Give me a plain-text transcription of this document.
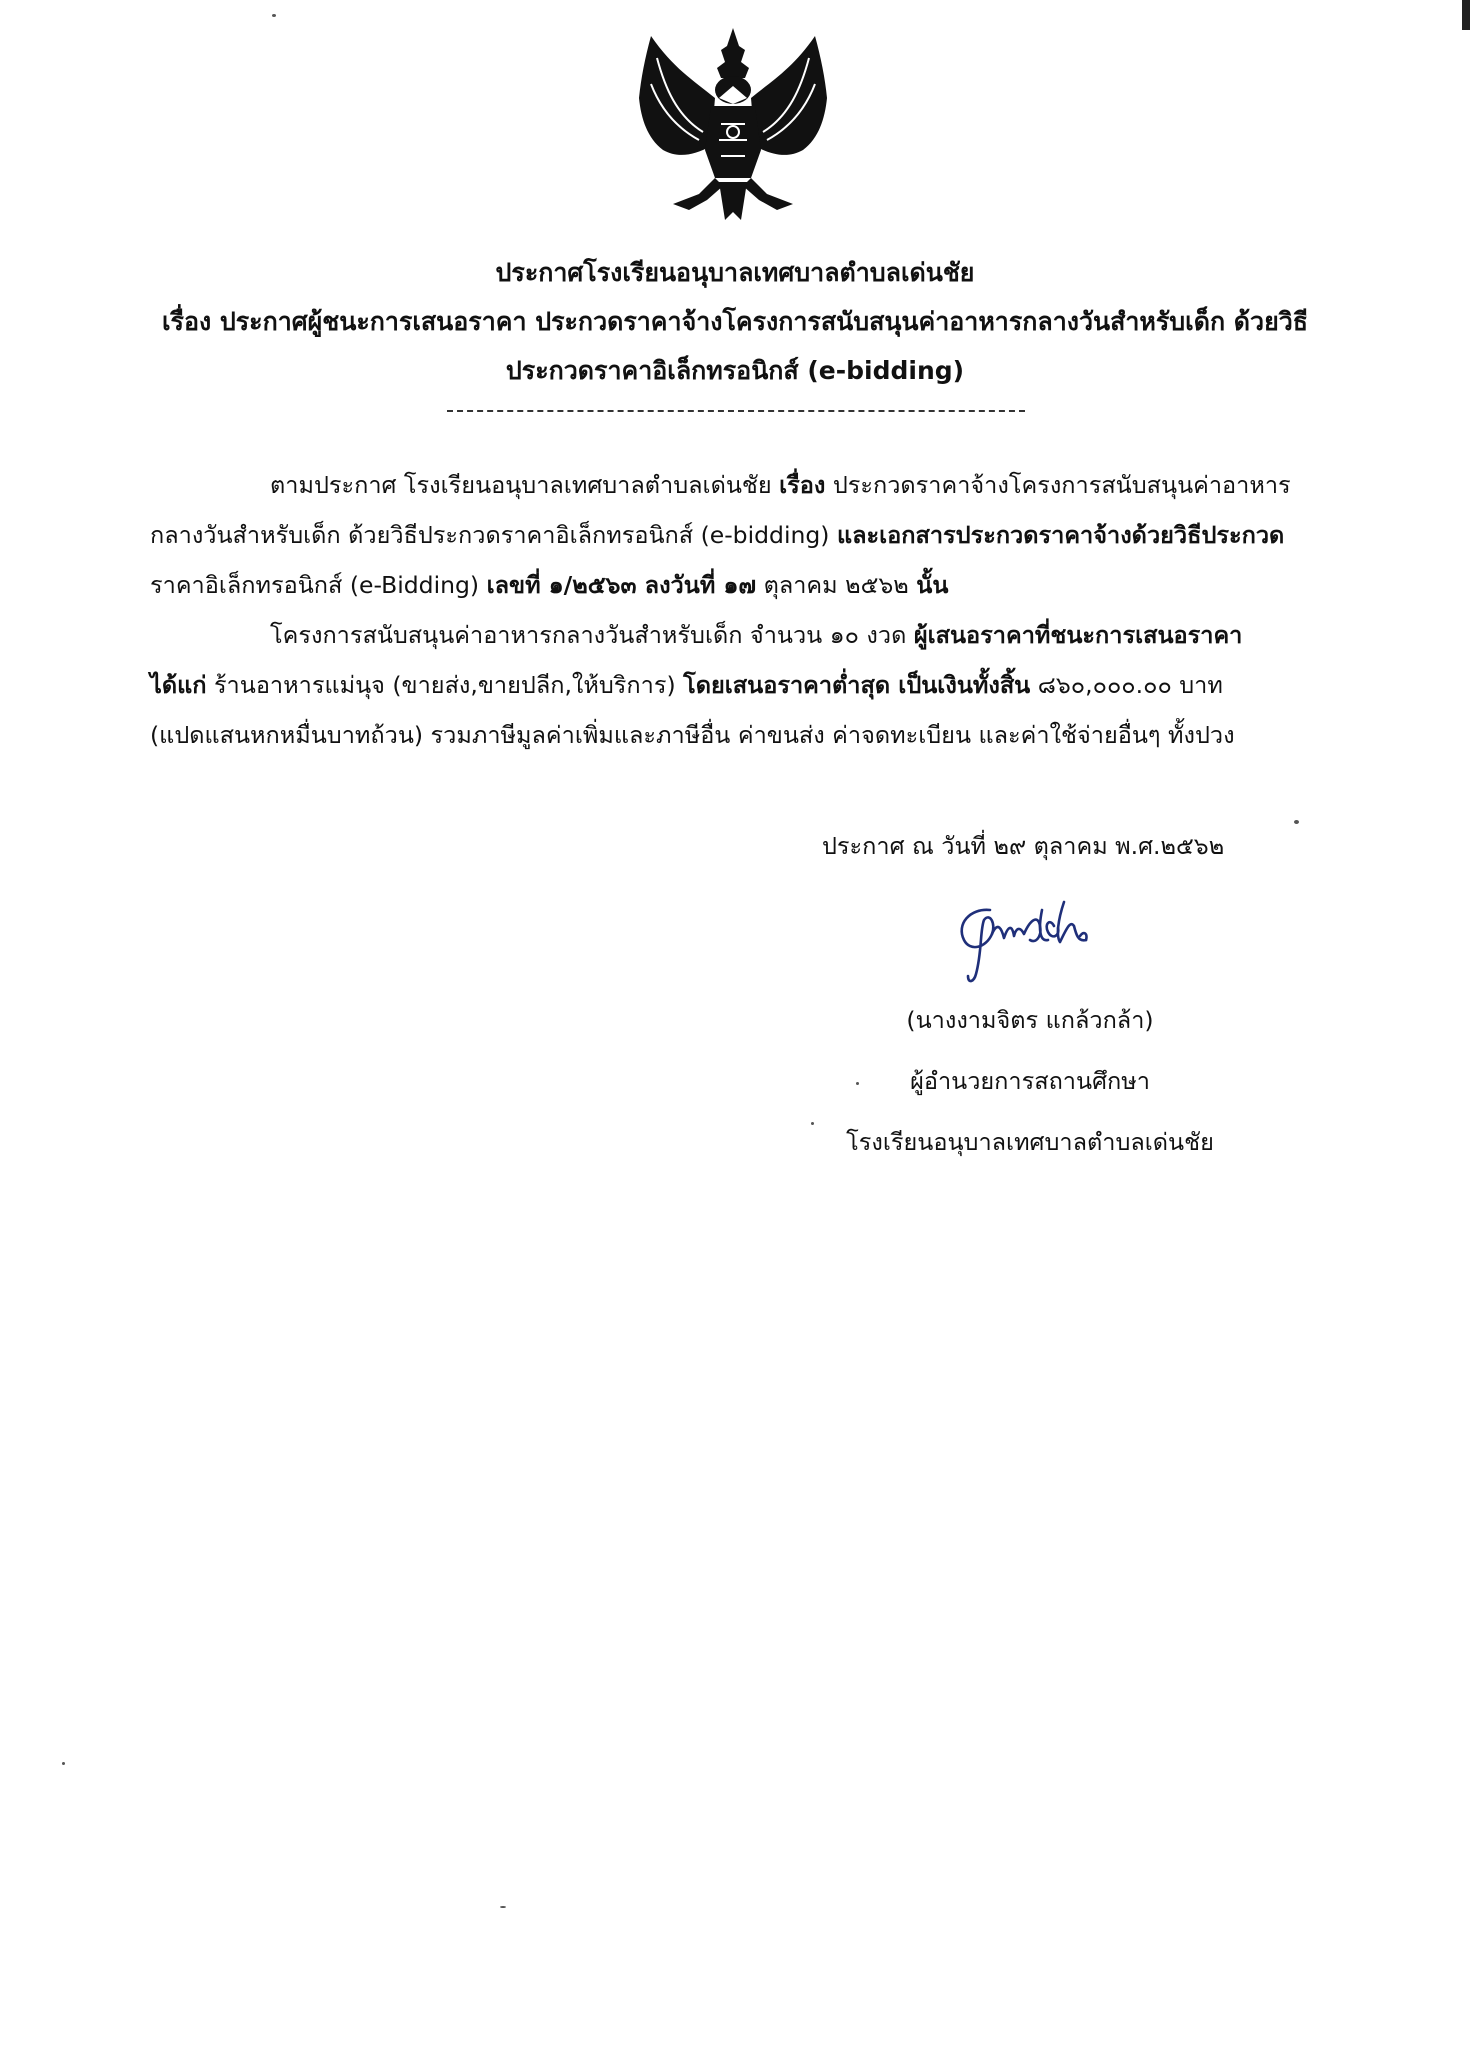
ประกาศโรงเรียนอนุบาลเทศบาลตำบลเด่นชัย
เรื่อง ประกาศผู้ชนะการเสนอราคา ประกวดราคาจ้างโครงการสนับสนุนค่าอาหารกลางวันสำหรับเด็ก ด้วยวิธี
ประกวดราคาอิเล็กทรอนิกส์ (e-bidding)
ตามประกาศ โรงเรียนอนุบาลเทศบาลตำบลเด่นชัย เรื่อง ประกวดราคาจ้างโครงการสนับสนุนค่าอาหาร
กลางวันสำหรับเด็ก ด้วยวิธีประกวดราคาอิเล็กทรอนิกส์ (e-bidding) และเอกสารประกวดราคาจ้างด้วยวิธีประกวด
ราคาอิเล็กทรอนิกส์ (e-Bidding) เลขที่ ๑/๒๕๖๓ ลงวันที่ ๑๗ ตุลาคม ๒๕๖๒ นั้น
โครงการสนับสนุนค่าอาหารกลางวันสำหรับเด็ก จำนวน ๑๐ งวด ผู้เสนอราคาที่ชนะการเสนอราคา
ได้แก่ ร้านอาหารแม่นุจ (ขายส่ง,ขายปลีก,ให้บริการ) โดยเสนอราคาต่ำสุด เป็นเงินทั้งสิ้น ๘๖๐,๐๐๐.๐๐ บาท
(แปดแสนหกหมื่นบาทถ้วน) รวมภาษีมูลค่าเพิ่มและภาษีอื่น ค่าขนส่ง ค่าจดทะเบียน และค่าใช้จ่ายอื่นๆ ทั้งปวง
ประกาศ ณ วันที่ ๒๙ ตุลาคม พ.ศ.๒๕๖๒
(นางงามจิตร แกล้วกล้า)
ผู้อำนวยการสถานศึกษา
โรงเรียนอนุบาลเทศบาลตำบลเด่นชัย
